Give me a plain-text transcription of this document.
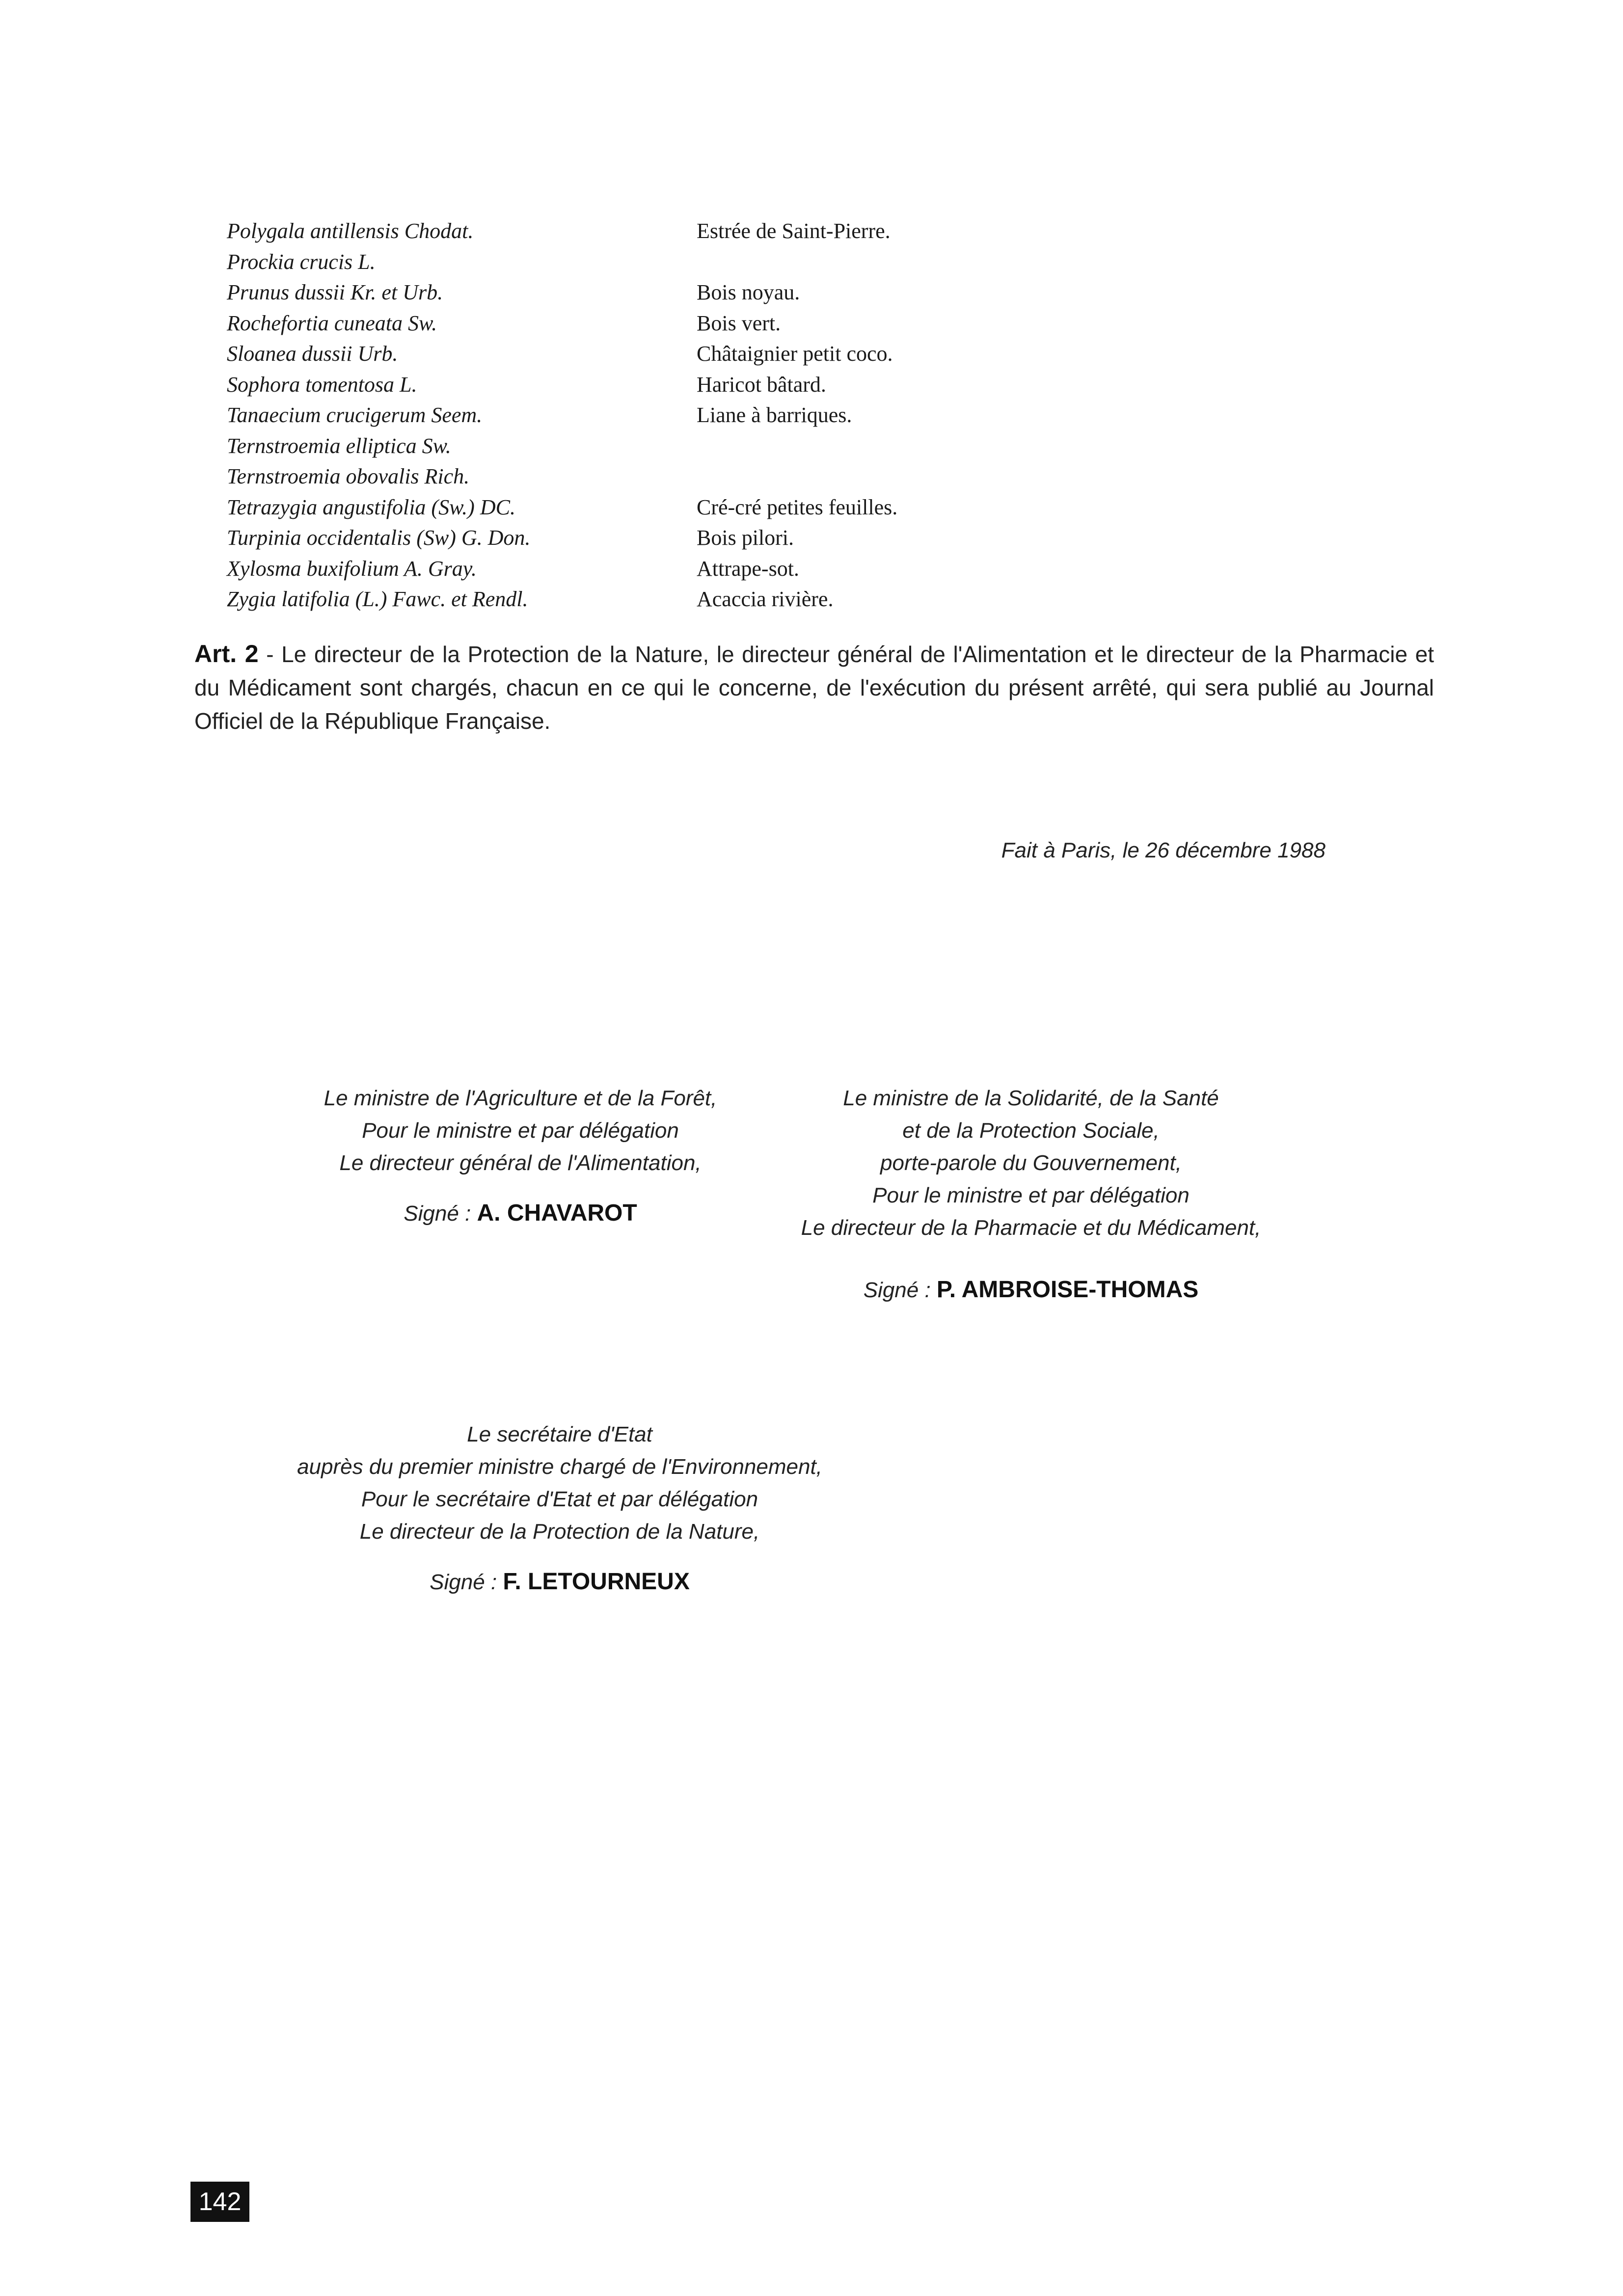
Polygala antillensis Chodat.	Estrée de Saint-Pierre.
Prockia crucis L.
Prunus dussii Kr. et Urb.	Bois noyau.
Rochefortia cuneata Sw.	Bois vert.
Sloanea dussii Urb.	Châtaignier petit coco.
Sophora tomentosa L.	Haricot bâtard.
Tanaecium crucigerum Seem.	Liane à barriques.
Ternstroemia elliptica Sw.
Ternstroemia obovalis Rich.
Tetrazygia angustifolia (Sw.) DC.	Cré-cré petites feuilles.
Turpinia occidentalis (Sw) G. Don.	Bois pilori.
Xylosma buxifolium A. Gray.	Attrape-sot.
Zygia latifolia (L.) Fawc. et Rendl.	Acaccia rivière.

Art. 2 - Le directeur de la Protection de la Nature, le directeur général de l'Alimentation et le directeur de la Pharmacie et du Médicament sont chargés, chacun en ce qui le concerne, de l'exécution du présent arrêté, qui sera publié au Journal Officiel de la République Française.

Fait à Paris, le 26 décembre 1988
Le ministre de l'Agriculture et de la Forêt,
Pour le ministre et par délégation
Le directeur général de l'Alimentation,
Signé : A. CHAVAROT
Le ministre de la Solidarité, de la Santé
et de la Protection Sociale,
porte-parole du Gouvernement,
Pour le ministre et par délégation
Le directeur de la Pharmacie et du Médicament,
Signé : P. AMBROISE-THOMAS
Le secrétaire d'Etat
auprès du premier ministre chargé de l'Environnement,
Pour le secrétaire d'Etat et par délégation
Le directeur de la Protection de la Nature,
Signé : F. LETOURNEUX
142
